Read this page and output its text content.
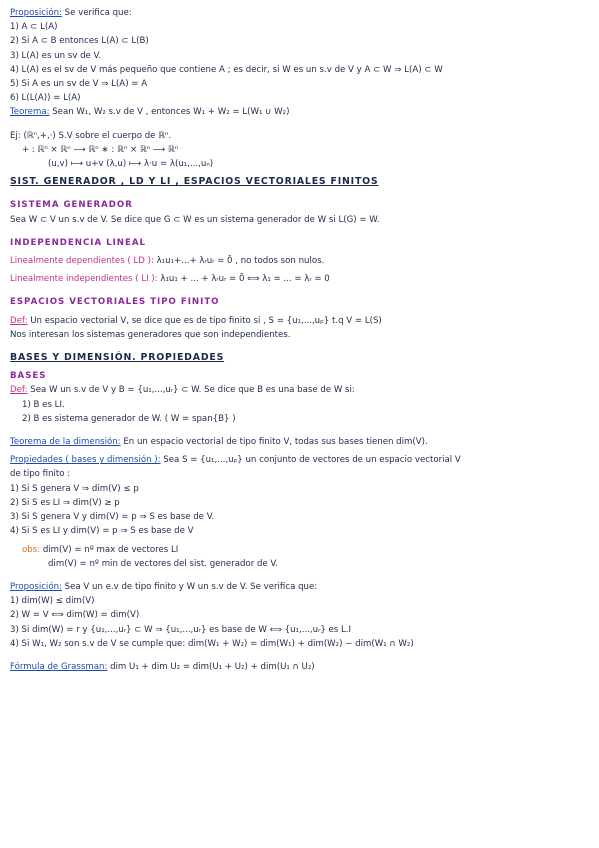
Proposición: Se verifica que:
1) A ⊂ L(A)
2) Si A ⊂ B entonces L(A) ⊂ L(B)
3) L(A) es un sv de V.
4) L(A) es el sv de V más pequeño que contiene A ; es decir, si W es un s.v de V y A ⊂ W ⇒ L(A) ⊂ W
5) Si A es un sv de V ⇒ L(A) = A
6) L(L(A)) = L(A)
Teorema: Sean W₁, W₂ s.v de V , entonces W₁ + W₂ = L(W₁ ∪ W₂)
Ej: (ℝⁿ,+,·) S.V sobre el cuerpo de ℝⁿ.
+ : ℝⁿ × ℝⁿ ⟶ ℝⁿ ∗ : ℝⁿ × ℝⁿ ⟶ ℝⁿ
(u,v) ⟼ u+v (λ,u) ⟼ λ·u = λ(u₁,...,uₙ)
SIST. GENERADOR , LD Y LI , ESPACIOS VECTORIALES FINITOS
SISTEMA GENERADOR
Sea W ⊂ V un s.v de V. Se dice que G ⊂ W es un sistema generador de W si L(G) = W.
INDEPENDENCIA LINEAL
Linealmente dependientes ( LD ): λ₁u₁+...+ λᵣuᵣ = 0̄ , no todos son nulos.
Linealmente independientes ( LI ): λ₁u₁ + ... + λᵣuᵣ = 0̄ ⟺ λ₁ = ... = λᵣ = 0
ESPACIOS VECTORIALES TIPO FINITO
Def: Un espacio vectorial V, se dice que es de tipo finito si , S = {u₁,...,uₚ} t.q V = L(S)
Nos interesan los sistemas generadores que son independientes.
BASES Y DIMENSIÓN. PROPIEDADES
BASES
Def: Sea W un s.v de V y B = {u₁,...,uᵣ} ⊂ W. Se dice que B es una base de W si:
1) B es LI.
2) B es sistema generador de W. ( W = span{B} )
Teorema de la dimensión: En un espacio vectorial de tipo finito V, todas sus bases tienen dim(V).
Propiedades ( bases y dimensión ): Sea S = {u₁,...,uₚ} un conjunto de vectores de un espacio vectorial V
de tipo finito :
1) Si S genera V ⇒ dim(V) ≤ p
2) Si S es LI ⇒ dim(V) ≥ p
3) Si S genera V y dim(V) = p ⇒ S es base de V.
4) Si S es LI y dim(V) = p ⇒ S es base de V
obs: dim(V) = nº max de vectores LI
dim(V) = nº min de vectores del sist. generador de V.
Proposición: Sea V un e.v de tipo finito y W un s.v de V. Se verifica que:
1) dim(W) ≤ dim(V)
2) W = V ⟺ dim(W) = dim(V)
3) Si dim(W) = r y {u₁,...,uᵣ} ⊂ W ⇒ {u₁,...,uᵣ} es base de W ⟺ {u₁,...,uᵣ} es L.I
4) Si W₁, W₂ son s.v de V se cumple que: dim(W₁ + W₂) = dim(W₁) + dim(W₂) − dim(W₁ ∩ W₂)
Fórmula de Grassman: dim U₁ + dim U₂ = dim(U₁ + U₂) + dim(U₁ ∩ U₂)
